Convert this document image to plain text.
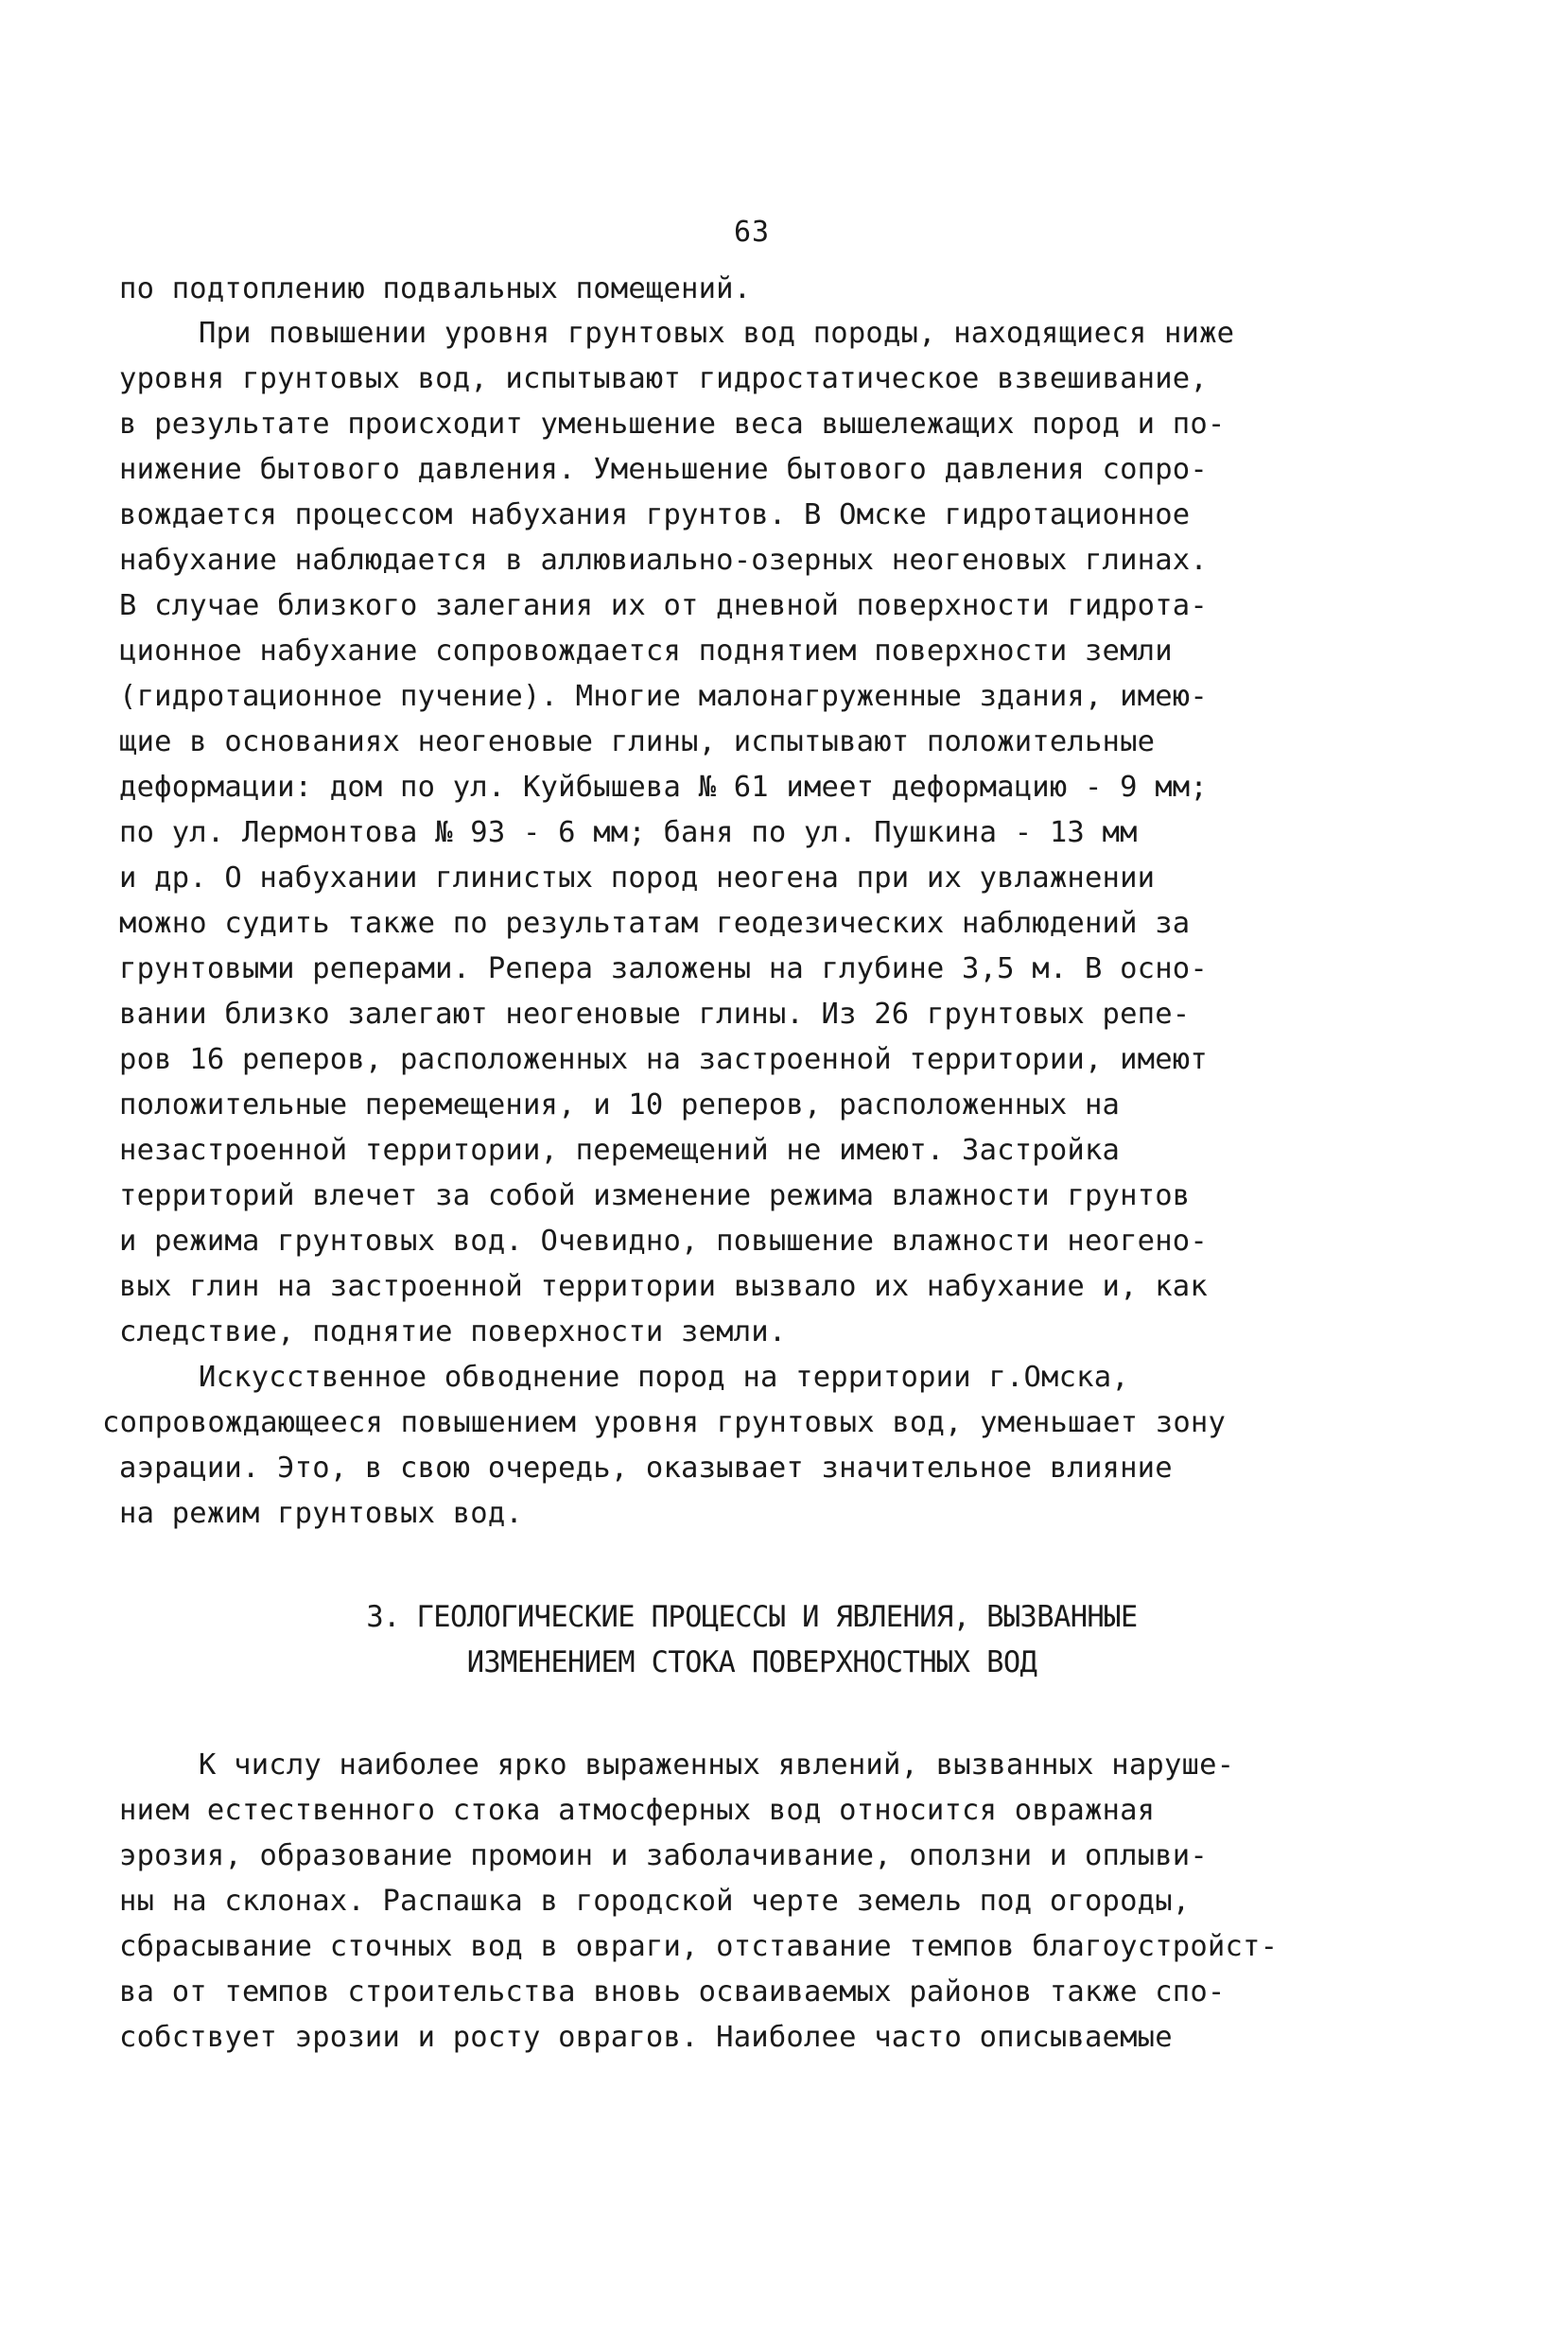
63
по подтоплению подвальных помещений.
При повышении уровня грунтовых вод породы, находящиеся ниже
уровня грунтовых вод, испытывают гидростатическое взвешивание,
в результате происходит уменьшение веса вышележащих пород и по-
нижение бытового давления. Уменьшение бытового давления сопро-
вождается процессом набухания грунтов. В Омске гидротационное
набухание наблюдается в аллювиально-озерных неогеновых глинах.
В случае близкого залегания их от дневной поверхности гидрота-
ционное набухание сопровождается поднятием поверхности земли
(гидротационное пучение). Многие малонагруженные здания, имею-
щие в основаниях неогеновые глины, испытывают положительные
деформации: дом по ул. Куйбышева № 61 имеет деформацию - 9 мм;
по ул. Лермонтова № 93 - 6 мм; баня по ул. Пушкина - 13 мм
и др. О набухании глинистых пород неогена при их увлажнении
можно судить также по результатам геодезических наблюдений за
грунтовыми реперами. Репера заложены на глубине 3,5 м. В осно-
вании близко залегают неогеновые глины. Из 26 грунтовых репе-
ров 16 реперов, расположенных на застроенной территории, имеют
положительные перемещения, и 10 реперов, расположенных на
незастроенной территории, перемещений не имеют. Застройка
территорий влечет за собой изменение режима влажности грунтов
и режима грунтовых вод. Очевидно, повышение влажности неогено-
вых глин на застроенной территории вызвало их набухание и, как
следствие, поднятие поверхности земли.
Искусственное обводнение пород на территории г.Омска,
сопровождающееся повышением уровня грунтовых вод, уменьшает зону
аэрации. Это, в свою очередь, оказывает значительное влияние
на режим грунтовых вод.
3. ГЕОЛОГИЧЕСКИЕ ПРОЦЕССЫ И ЯВЛЕНИЯ, ВЫЗВАННЫЕ
ИЗМЕНЕНИЕМ СТОКА ПОВЕРХНОСТНЫХ ВОД
К числу наиболее ярко выраженных явлений, вызванных наруше-
нием естественного стока атмосферных вод относится овражная
эрозия, образование промоин и заболачивание, оползни и оплыви-
ны на склонах. Распашка в городской черте земель под огороды,
сбрасывание сточных вод в овраги, отставание темпов благоустройст-
ва от темпов строительства вновь осваиваемых районов также спо-
собствует эрозии и росту оврагов. Наиболее часто описываемые
